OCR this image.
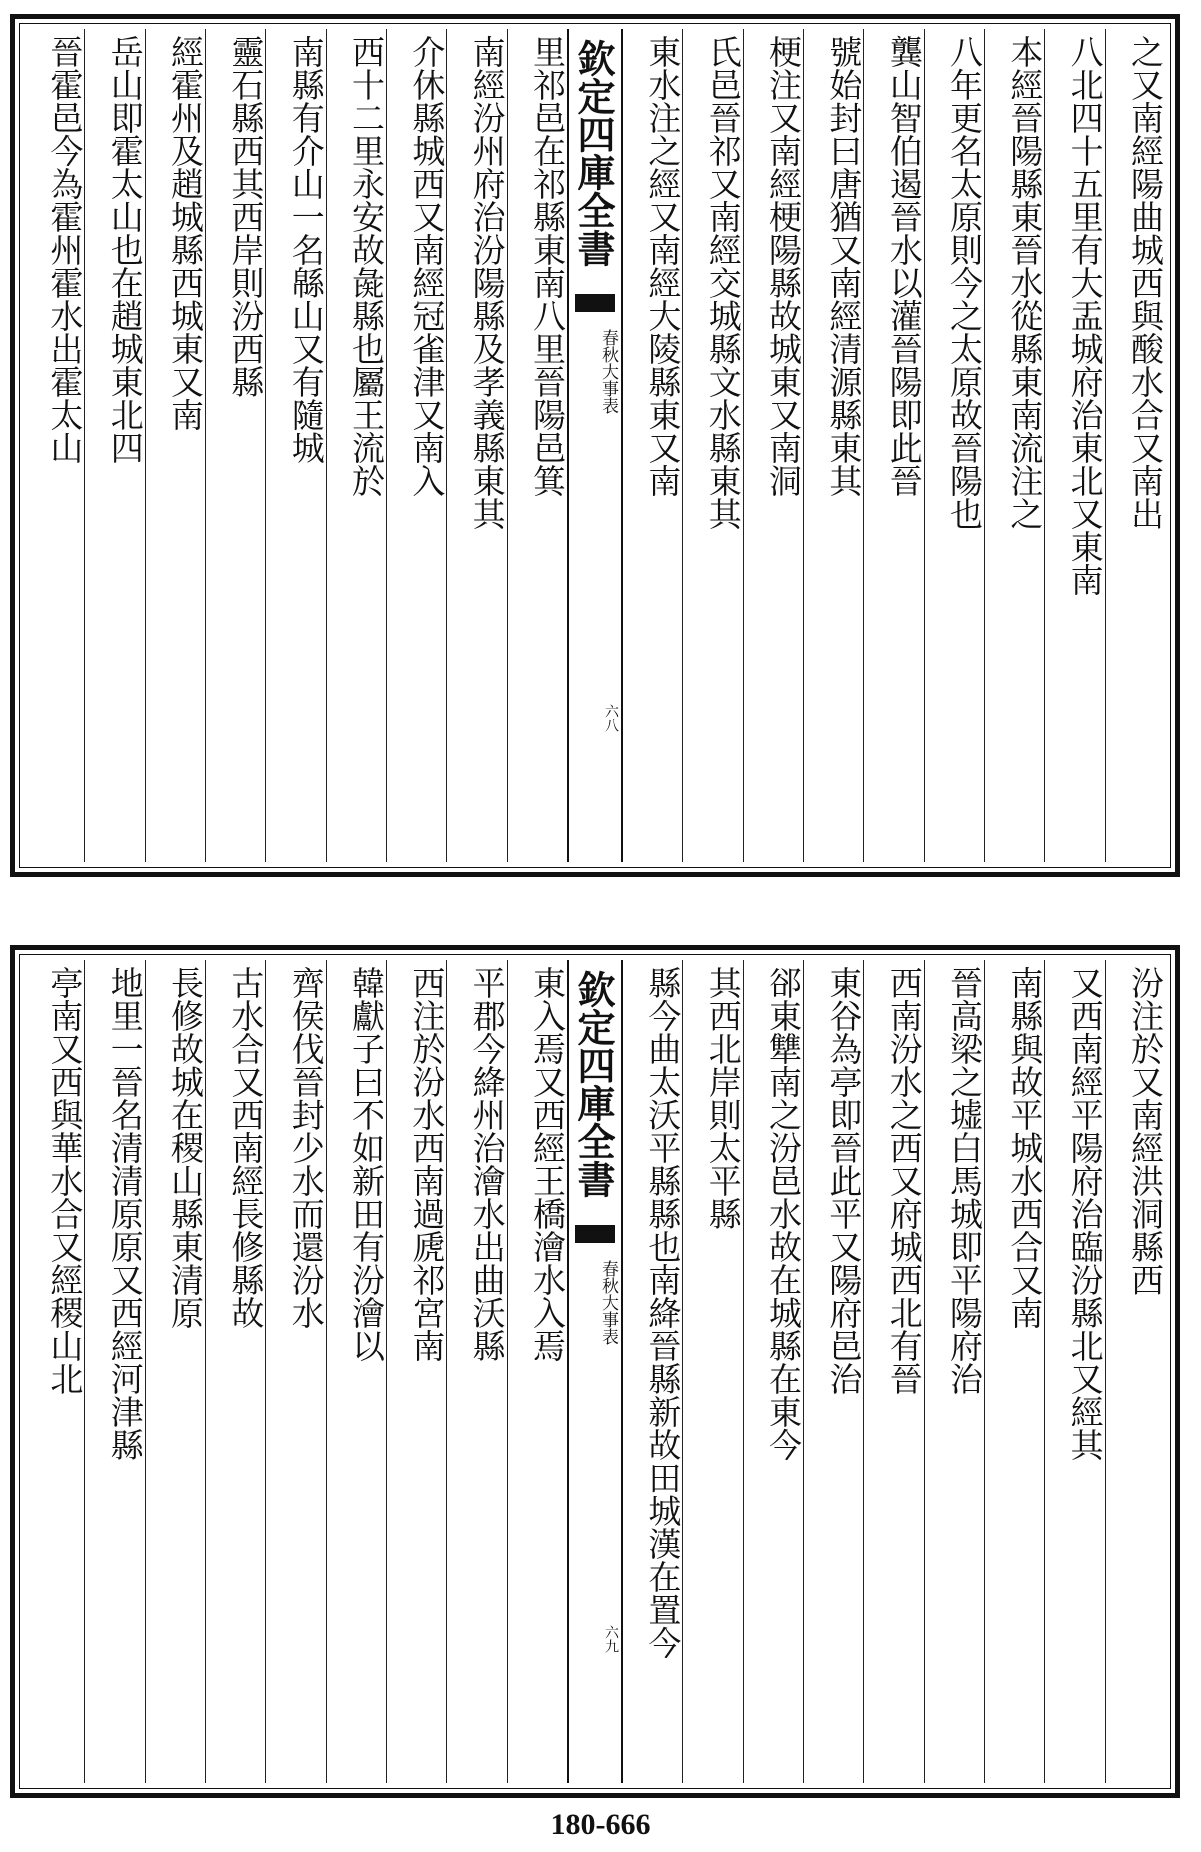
之又南經陽曲城西與酸水合又南出
八北四十五里有大盂城府治東北又東南
本經晉陽縣東晉水從縣東南流注之
八年更名太原則今之太原故晉陽也
龔山智伯遏晉水以灌晉陽即此晉
號始封曰唐猶又南經清源縣東其
梗注又南經梗陽縣故城東又南洞
氏邑晉祁又南經交城縣文水縣東其
東水注之經又南經大陵縣東又南
欽定四庫全書
春秋大事表
六八
里祁邑在祁縣東南八里晉陽邑箕
南經汾州府治汾陽縣及孝義縣東其
介休縣城西又南經冠雀津又南入
西十二里永安故彘縣也屬王流於
南縣有介山一名緜山又有隨城
靈石縣西其西岸則汾西縣
經霍州及趙城縣西城東又南
岳山即霍太山也在趙城東北四
晉霍邑今為霍州霍水出霍太山
汾注於又南經洪洞縣西
又西南經平陽府治臨汾縣北又經其
南縣與故平城水西合又南
晉高梁之墟白馬城即平陽府治
西南汾水之西又府城西北有晉
東谷為亭即晉此平又陽府邑治
郤東犨南之汾邑水故在城縣在東今
其西北岸則太平縣
縣今曲太沃平縣縣也南絳晉縣新故田城漢在置今
欽定四庫全書
春秋大事表
六九
東入焉又西經王橋澮水入焉
平郡今絳州治澮水出曲沃縣
西注於汾水西南過虒祁宮南
韓獻子曰不如新田有汾澮以
齊侯伐晉封少水而還汾水
古水合又西南經長修縣故
長修故城在稷山縣東清原
地里一晉名清清原原又西經河津縣
亭南又西與華水合又經稷山北
180-666
